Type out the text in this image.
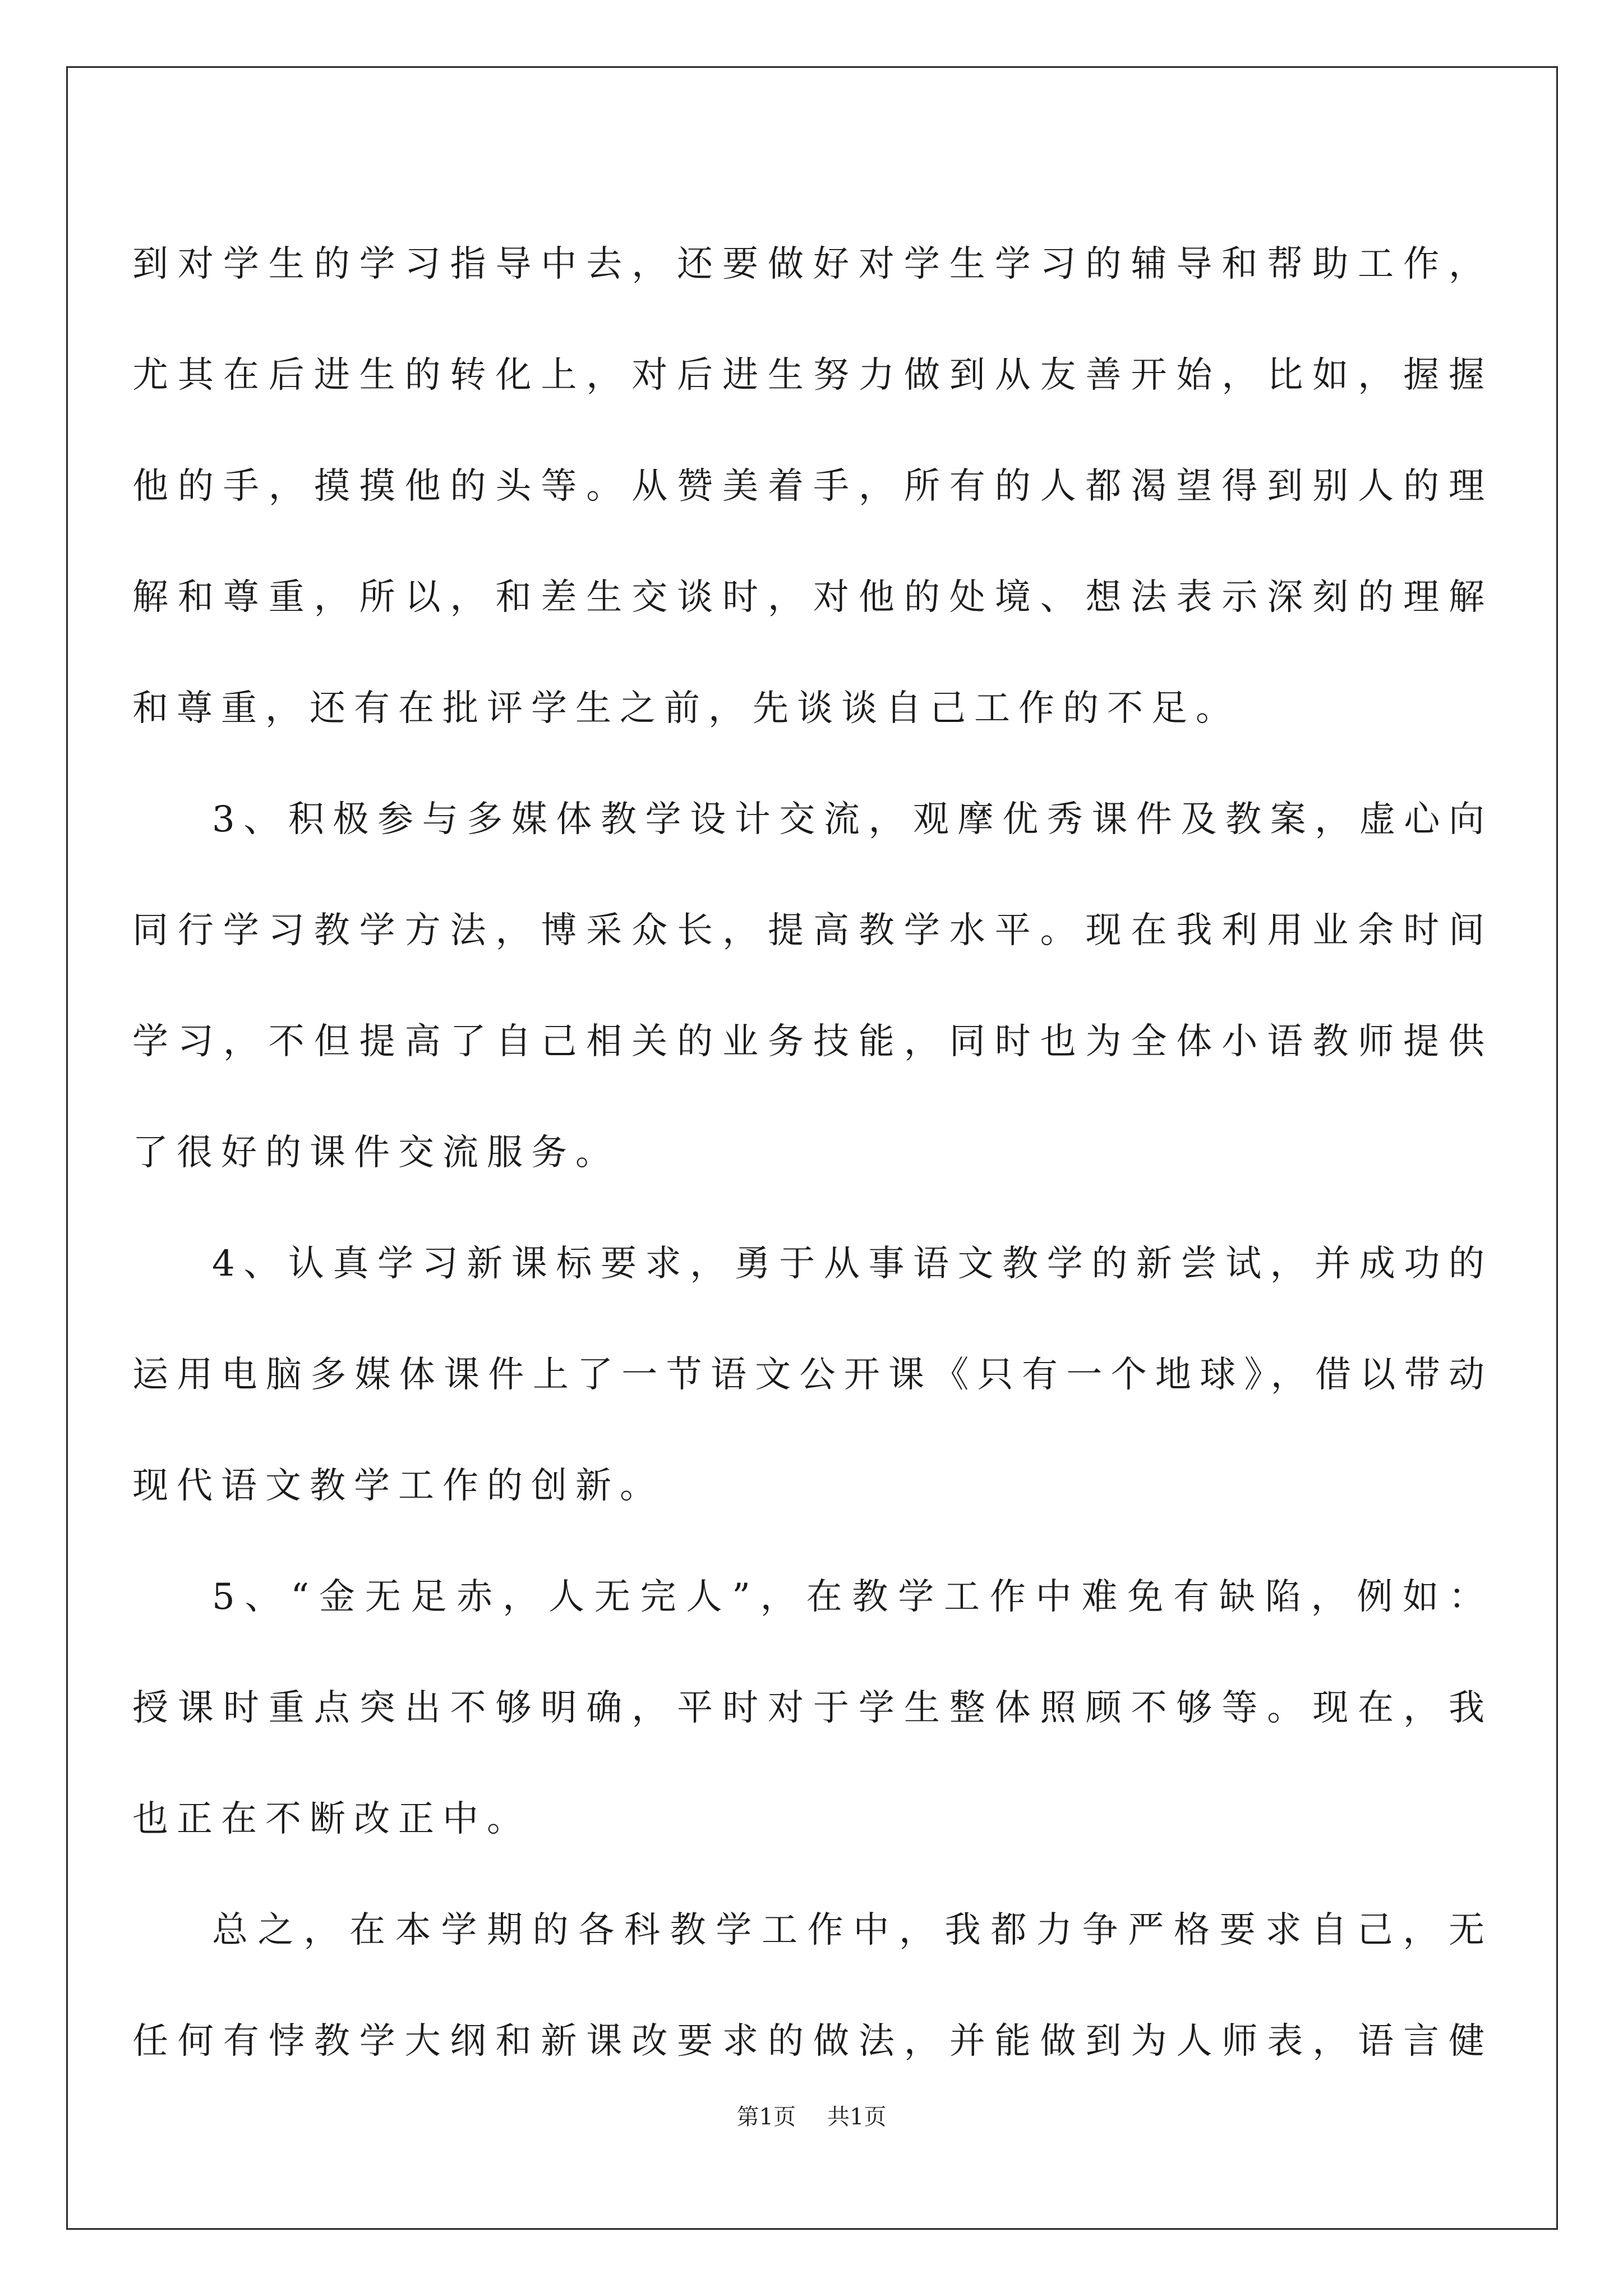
到对学生的学习指导中去，还要做好对学生学习的辅导和帮助工作，
尤其在后进生的转化上，对后进生努力做到从友善开始，比如，握握
他的手，摸摸他的头等。从赞美着手，所有的人都渴望得到别人的理
解和尊重，所以，和差生交谈时，对他的处境、想法表示深刻的理解
和尊重，还有在批评学生之前，先谈谈自己工作的不足。
3、积极参与多媒体教学设计交流，观摩优秀课件及教案，虚心向
同行学习教学方法，博采众长，提高教学水平。现在我利用业余时间
学习，不但提高了自己相关的业务技能，同时也为全体小语教师提供
了很好的课件交流服务。
4、认真学习新课标要求，勇于从事语文教学的新尝试，并成功的
运用电脑多媒体课件上了一节语文公开课《只有一个地球》，借以带动
现代语文教学工作的创新。
5、“金无足赤，人无完人”，在教学工作中难免有缺陷，例如：
授课时重点突出不够明确，平时对于学生整体照顾不够等。现在，我
也正在不断改正中。
总之，在本学期的各科教学工作中，我都力争严格要求自己，无
任何有悖教学大纲和新课改要求的做法，并能做到为人师表，语言健
第1页 共1页
